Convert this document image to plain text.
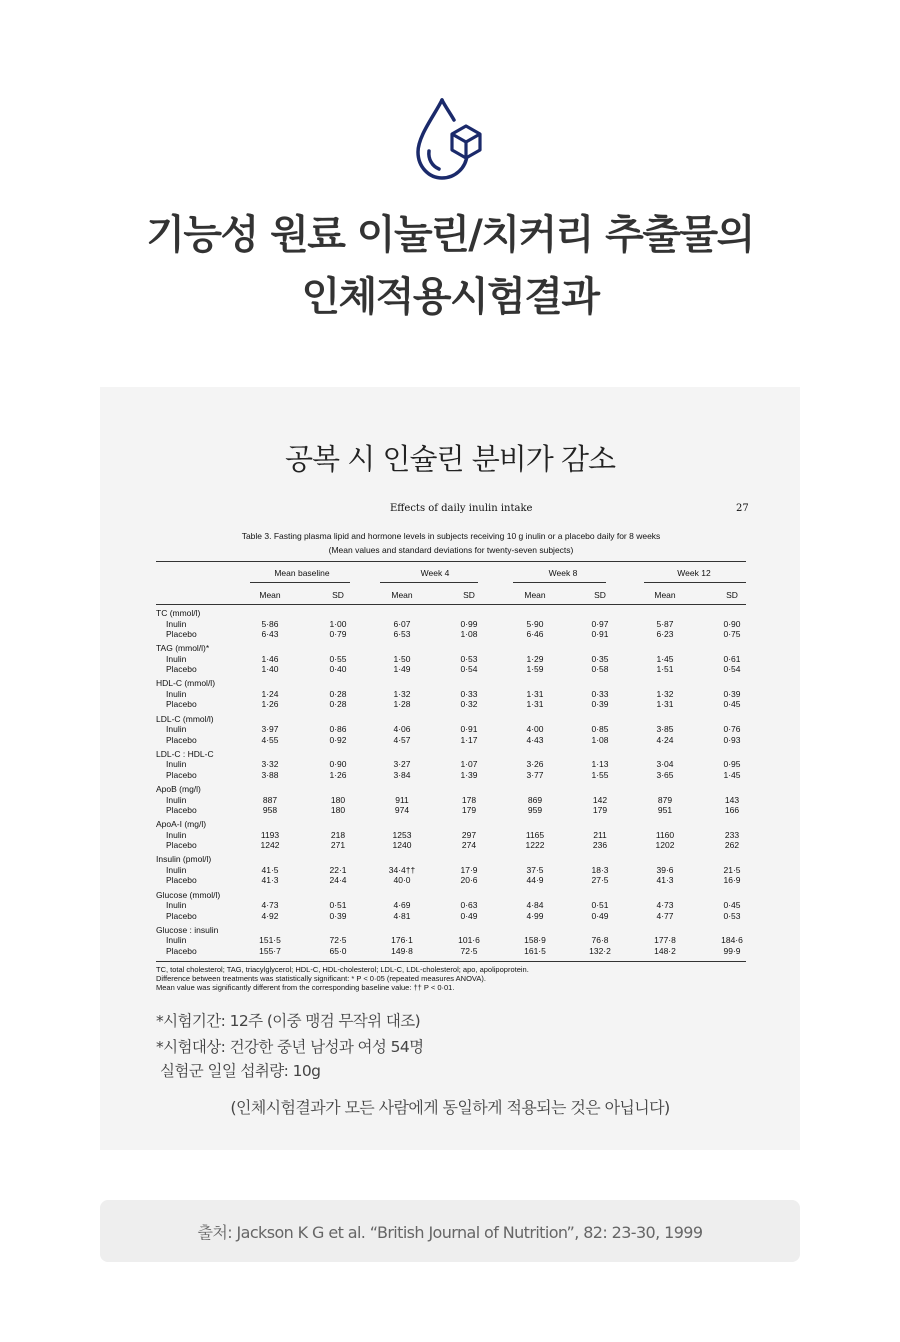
기능성 원료 이눌린/치커리 추출물의
인체적용시험결과
공복 시 인슐린 분비가 감소
Effects of daily inulin intake	27
Table 3. Fasting plasma lipid and hormone levels in subjects receiving 10 g inulin or a placebo daily for 8 weeks
(Mean values and standard deviations for twenty-seven subjects)
Mean baseline	Week 4	Week 8	Week 12
Mean	SD	Mean	SD	Mean	SD	Mean	SD
TC (mmol/l)
Inulin	5·86	1·00	6·07	0·99	5·90	0·97	5·87	0·90
Placebo	6·43	0·79	6·53	1·08	6·46	0·91	6·23	0·75
TAG (mmol/l)*
Inulin	1·46	0·55	1·50	0·53	1·29	0·35	1·45	0·61
Placebo	1·40	0·40	1·49	0·54	1·59	0·58	1·51	0·54
HDL-C (mmol/l)
Inulin	1·24	0·28	1·32	0·33	1·31	0·33	1·32	0·39
Placebo	1·26	0·28	1·28	0·32	1·31	0·39	1·31	0·45
LDL-C (mmol/l)
Inulin	3·97	0·86	4·06	0·91	4·00	0·85	3·85	0·76
Placebo	4·55	0·92	4·57	1·17	4·43	1·08	4·24	0·93
LDL-C : HDL-C
Inulin	3·32	0·90	3·27	1·07	3·26	1·13	3·04	0·95
Placebo	3·88	1·26	3·84	1·39	3·77	1·55	3·65	1·45
ApoB (mg/l)
Inulin	887	180	911	178	869	142	879	143
Placebo	958	180	974	179	959	179	951	166
ApoA-I (mg/l)
Inulin	1193	218	1253	297	1165	211	1160	233
Placebo	1242	271	1240	274	1222	236	1202	262
Insulin (pmol/l)
Inulin	41·5	22·1	34·4††	17·9	37·5	18·3	39·6	21·5
Placebo	41·3	24·4	40·0	20·6	44·9	27·5	41·3	16·9
Glucose (mmol/l)
Inulin	4·73	0·51	4·69	0·63	4·84	0·51	4·73	0·45
Placebo	4·92	0·39	4·81	0·49	4·99	0·49	4·77	0·53
Glucose : insulin
Inulin	151·5	72·5	176·1	101·6	158·9	76·8	177·8	184·6
Placebo	155·7	65·0	149·8	72·5	161·5	132·2	148·2	99·9
TC, total cholesterol; TAG, triacylglycerol; HDL-C, HDL-cholesterol; LDL-C, LDL-cholesterol; apo, apolipoprotein.
Difference between treatments was statistically significant: * P < 0·05 (repeated measures ANOVA).
Mean value was significantly different from the corresponding baseline value: †† P < 0·01.
*시험기간: 12주 (이중 맹검 무작위 대조)
*시험대상: 건강한 중년 남성과 여성 54명
실험군 일일 섭취량: 10g
(인체시험결과가 모든 사람에게 동일하게 적용되는 것은 아닙니다)
출처: Jackson K G et al. “British Journal of Nutrition”, 82: 23-30, 1999
